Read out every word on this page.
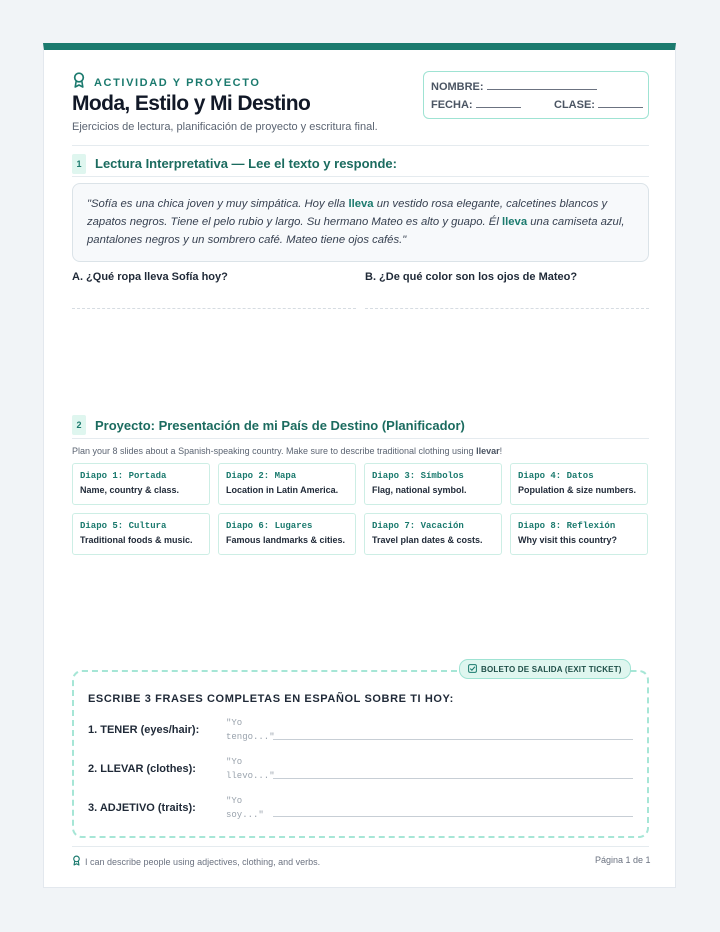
ACTIVIDAD Y PROYECTO
Moda, Estilo y Mi Destino
Ejercicios de lectura, planificación de proyecto y escritura final.
NOMBRE:
FECHA:	CLASE:
1	Lectura Interpretativa — Lee el texto y responde:
"Sofía es una chica joven y muy simpática. Hoy ella lleva un vestido rosa elegante, calcetines blancos y zapatos negros. Tiene el pelo rubio y largo. Su hermano Mateo es alto y guapo. Él lleva una camiseta azul, pantalones negros y un sombrero café. Mateo tiene ojos cafés."
A. ¿Qué ropa lleva Sofía hoy?	B. ¿De qué color son los ojos de Mateo?
2	Proyecto: Presentación de mi País de Destino (Planificador)
Plan your 8 slides about a Spanish-speaking country. Make sure to describe traditional clothing using llevar!
Diapo 1: Portada
Name, country & class.
Diapo 2: Mapa
Location in Latin America.
Diapo 3: Símbolos
Flag, national symbol.
Diapo 4: Datos
Population & size numbers.
Diapo 5: Cultura
Traditional foods & music.
Diapo 6: Lugares
Famous landmarks & cities.
Diapo 7: Vacación
Travel plan dates & costs.
Diapo 8: Reflexión
Why visit this country?
BOLETO DE SALIDA (EXIT TICKET)
ESCRIBE 3 FRASES COMPLETAS EN ESPAÑOL SOBRE TI HOY:
1. TENER (eyes/hair):
"Yo tengo..."
2. LLEVAR (clothes):
"Yo llevo..."
3. ADJETIVO (traits):
"Yo soy..."
I can describe people using adjectives, clothing, and verbs.	Página 1 de 1
